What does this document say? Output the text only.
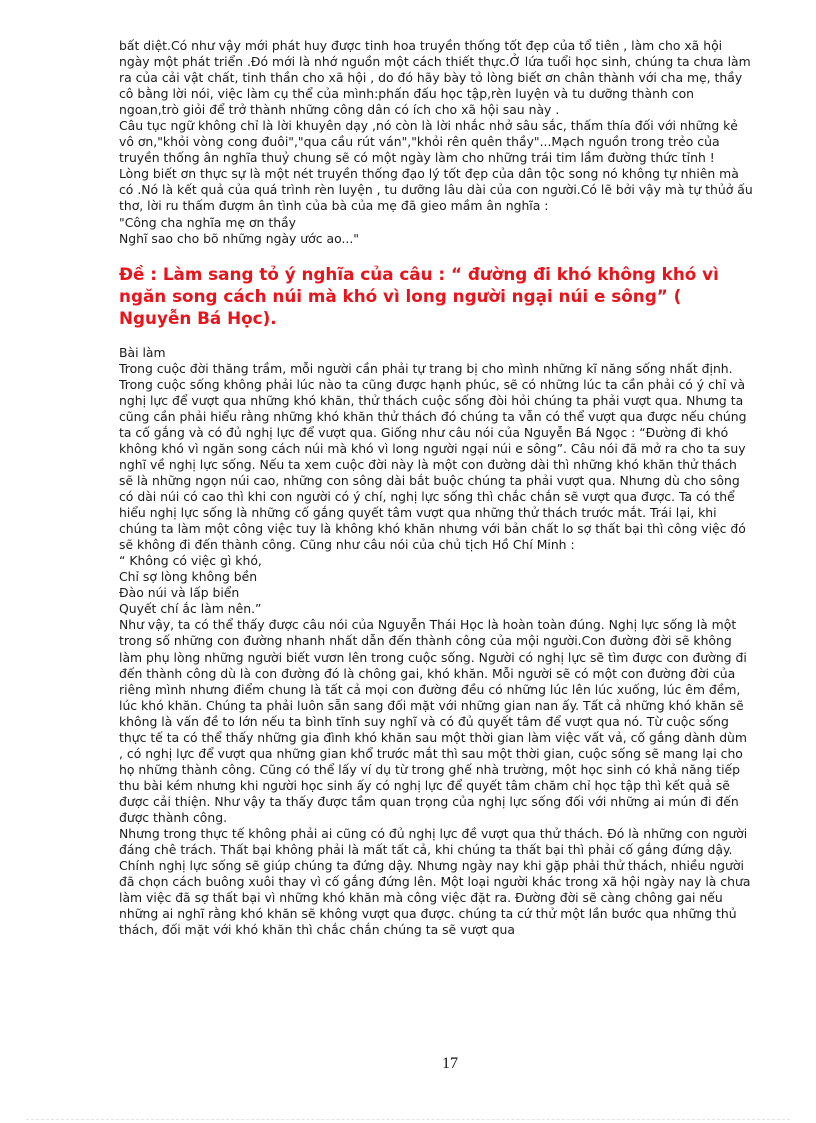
bất diệt.Có như vậy mới phát huy được tinh hoa truyền thống tốt đẹp của tổ tiên , làm cho xã hội ngày một phát triển .Đó mới là nhớ nguồn một cách thiết thực.Ở lứa tuổi học sinh, chúng ta chưa làm ra của cải vật chất, tinh thần cho xã hội , do đó hãy bày tỏ lòng biết ơn chân thành với cha mẹ, thầy cô bằng lời nói, việc làm cụ thể của mình:phấn đấu học tập,rèn luyện và tu dưỡng thành con ngoan,trò giỏi để trở thành những công dân có ích cho xã hội sau này .

Câu tục ngữ không chỉ là lời khuyên dạy ,nó còn là lời nhắc nhở sâu sắc, thấm thía đối với những kẻ vô ơn,"khỏi vòng cong đuôi","qua cầu rút ván","khỏi rên quên thầy"...Mạch nguồn trong trẻo của truyền thống ân nghĩa thuỷ chung sẽ có một ngày làm cho những trái tim lầm đường thức tỉnh !

Lòng biết ơn thực sự là một nét truyền thống đạo lý tốt đẹp của dân tộc song nó không tự nhiên mà có .Nó là kết quả của quá trình rèn luyện , tu dưỡng lâu dài của con người.Có lẽ bởi vậy mà tự thủở ấu thơ, lời ru thấm đượm ân tình của bà của mẹ đã gieo mầm ân nghĩa :

"Công cha nghĩa mẹ ơn thầy

Nghĩ sao cho bõ những ngày ước ao..."

Đề : Làm sang tỏ ý nghĩa của câu : “ đường đi khó không khó vì ngăn song cách núi mà khó vì long người ngại núi e sông” ( Nguyễn Bá Học).

Bài làm

Trong cuộc đời thăng trầm, mỗi người cần phải tự trang bị cho mình những kĩ năng sống nhất định. Trong cuộc sống không phải lúc nào ta cũng được hạnh phúc, sẽ có những lúc ta cần phải có ý chỉ và nghị lực để vượt qua những khó khăn, thử thách cuộc sống đòi hỏi chúng ta phải vượt qua. Nhưng ta cũng cần phải hiểu rằng những khó khăn thử thách đó chúng ta vẫn có thể vượt qua được nếu chúng ta cố gắng và có đủ nghị lực để vượt qua. Giống như câu nói của Nguyễn Bá Ngọc : “Đường đi khó không khó vì ngăn song cách núi mà khó vì long người ngại núi e sông”. Câu nói đã mở ra cho ta suy nghĩ về nghị lực sống. Nếu ta xem cuộc đời này là một con đường dài thì những khó khăn thử thách sẽ là những ngọn núi cao, những con sông dài bắt buộc chúng ta phải vượt qua. Nhưng dù cho sông có dài núi có cao thì khi con người có ý chí, nghị lực sống thì chắc chắn sẽ vượt qua được. Ta có thể hiểu nghị lực sống là những cố gắng quyết tâm vượt qua những thử thách trước mắt. Trái lại, khi chúng ta làm một công việc tuy là không khó khăn nhưng với bản chất lo sợ thất bại thì công việc đó sẽ không đi đến thành công. Cũng như câu nói của chủ tịch Hồ Chí Minh :

“ Không có việc gì khó,

Chỉ sợ lòng không bền

Đào núi và lấp biển

Quyết chí ắc làm nên.”

Như vậy, ta có thể thấy được câu nói của Nguyễn Thái Học là hoàn toàn đúng. Nghị lực sống là một trong số những con đường nhanh nhất dẫn đến thành công của mội người.Con đường đời sẽ không làm phụ lòng những người biết vươn lên trong cuộc sống. Người có nghị lực sẽ tìm được con đường đi đến thành công dù là con đường đó là chông gai, khó khăn. Mỗi người sẽ có một con đường đời của riêng mình nhưng điểm chung là tất cả mọi con đường đều có những lúc lên lúc xuống, lúc êm đềm, lúc khó khăn. Chúng ta phải luôn sẵn sang đối mặt với những gian nan ấy. Tất cả những khó khăn sẽ không là vấn đề to lớn nếu ta bình tĩnh suy nghĩ và có đủ quyết tâm để vượt qua nó. Từ cuộc sống thực tế ta có thể thấy những gia đình khó khăn sau một thời gian làm việc vất vả, cố gắng dành dùm , có nghị lực để vượt qua những gian khổ trước mắt thì sau một thời gian, cuộc sống sẽ mang lại cho họ những thành công. Cũng có thể lấy ví dụ từ trong ghế nhà trường, một học sinh có khả năng tiếp thu bài kém nhưng khi người học sinh ấy có nghị lực để quyết tâm chăm chỉ học tập thì kết quả sẽ được cải thiện. Như vậy ta thấy được tầm quan trọng của nghị lực sống đối với những ai mún đi đến được thành công.

Nhưng trong thực tế không phải ai cũng có đủ nghị lực đề vượt qua thử thách. Đó là những con người đáng chê trách. Thất bại không phải là mất tất cả, khi chúng ta thất bại thì phải cố gắng đứng dậy. Chính nghị lực sống sẽ giúp chúng ta đứng dậy. Nhưng ngày nay khi gặp phải thử thách, nhiều người đã chọn cách buông xuôi thay vì cố gắng đứng lên. Một loại người khác trong xã hội ngày nay là chưa làm việc đã sợ thất bại vì những khó khăn mà công việc đặt ra. Đường đời sẽ càng chông gai nếu những ai nghĩ rằng khó khăn sẽ không vượt qua được. chúng ta cứ thử một lần bước qua những thủ thách, đối mặt với khó khăn thì chắc chắn chúng ta sẽ vượt qua

17
